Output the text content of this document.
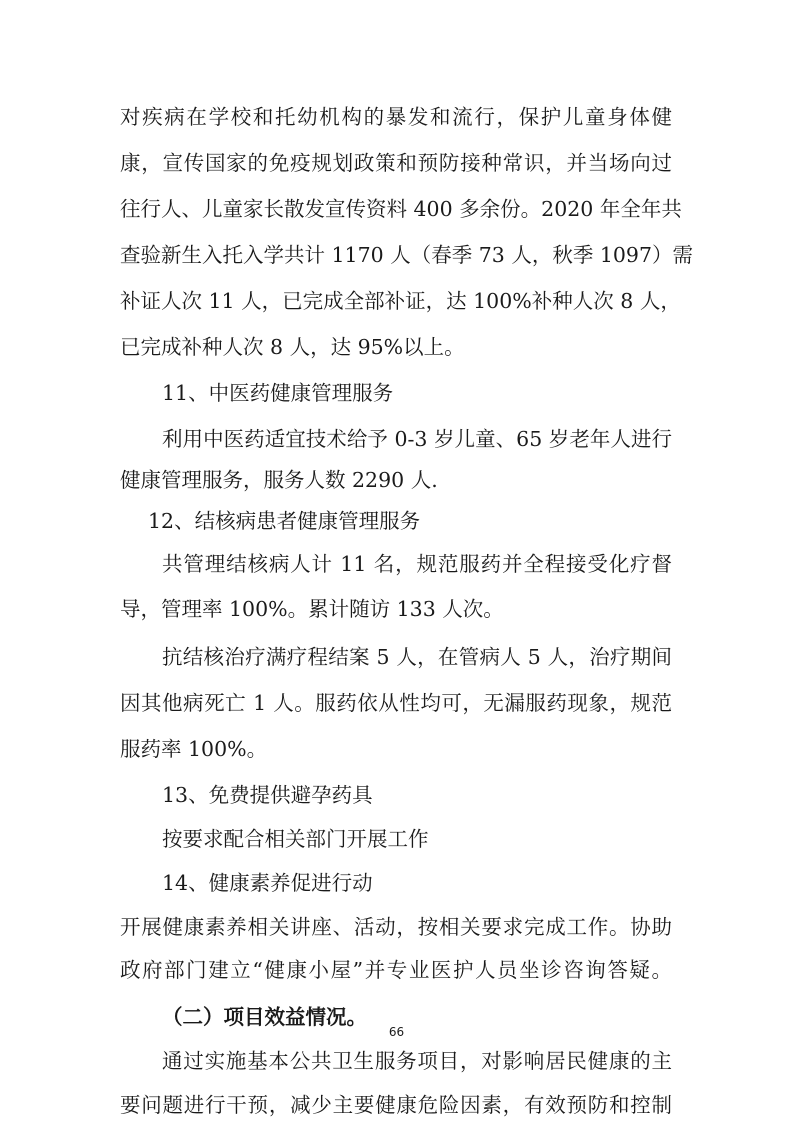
对疾病在学校和托幼机构的暴发和流行，保护儿童身体健
康，宣传国家的免疫规划政策和预防接种常识，并当场向过
往行人、儿童家长散发宣传资料 400 多余份。2020 年全年共
查验新生入托入学共计 1170 人（春季 73 人，秋季 1097）需
补证人次 11 人，已完成全部补证，达 100%补种人次 8 人，
已完成补种人次 8 人，达 95%以上。
11、中医药健康管理服务
利用中医药适宜技术给予 0-3 岁儿童、65 岁老年人进行
健康管理服务，服务人数 2290 人.
12、结核病患者健康管理服务
共管理结核病人计 11 名，规范服药并全程接受化疗督
导，管理率 100%。累计随访 133 人次。
抗结核治疗满疗程结案 5 人，在管病人 5 人，治疗期间
因其他病死亡 1 人。服药依从性均可，无漏服药现象，规范
服药率 100%。
13、免费提供避孕药具
按要求配合相关部门开展工作
14、健康素养促进行动
开展健康素养相关讲座、活动，按相关要求完成工作。协助
政府部门建立“健康小屋”并专业医护人员坐诊咨询答疑。
（二）项目效益情况。
通过实施基本公共卫生服务项目，对影响居民健康的主
要问题进行干预，减少主要健康危险因素，有效预防和控制
66
